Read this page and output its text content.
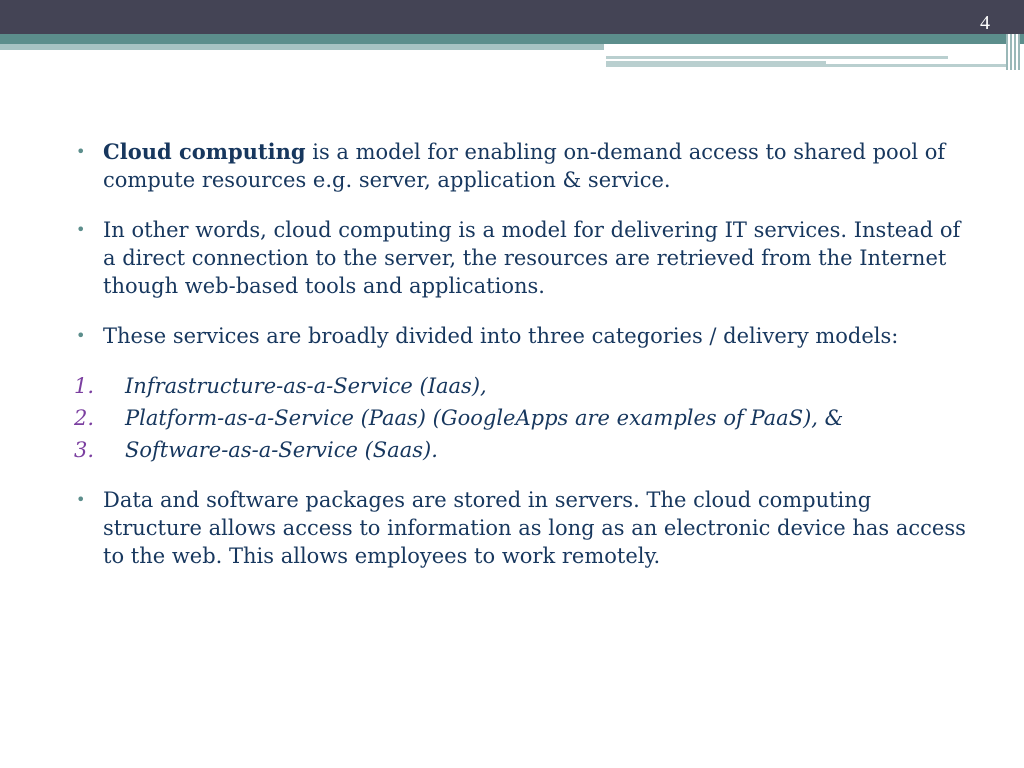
4
• Cloud computing is a model for enabling on-demand access to shared pool of compute resources e.g. server, application & service.
• In other words, cloud computing is a model for delivering IT services. Instead of a direct connection to the server, the resources are retrieved from the Internet though web-based tools and applications.
• These services are broadly divided into three categories / delivery models:
1. Infrastructure-as-a-Service (Iaas),
2. Platform-as-a-Service (Paas) (GoogleApps are examples of PaaS), &
3. Software-as-a-Service (Saas).
• Data and software packages are stored in servers. The cloud computing structure allows access to information as long as an electronic device has access to the web. This allows employees to work remotely.
